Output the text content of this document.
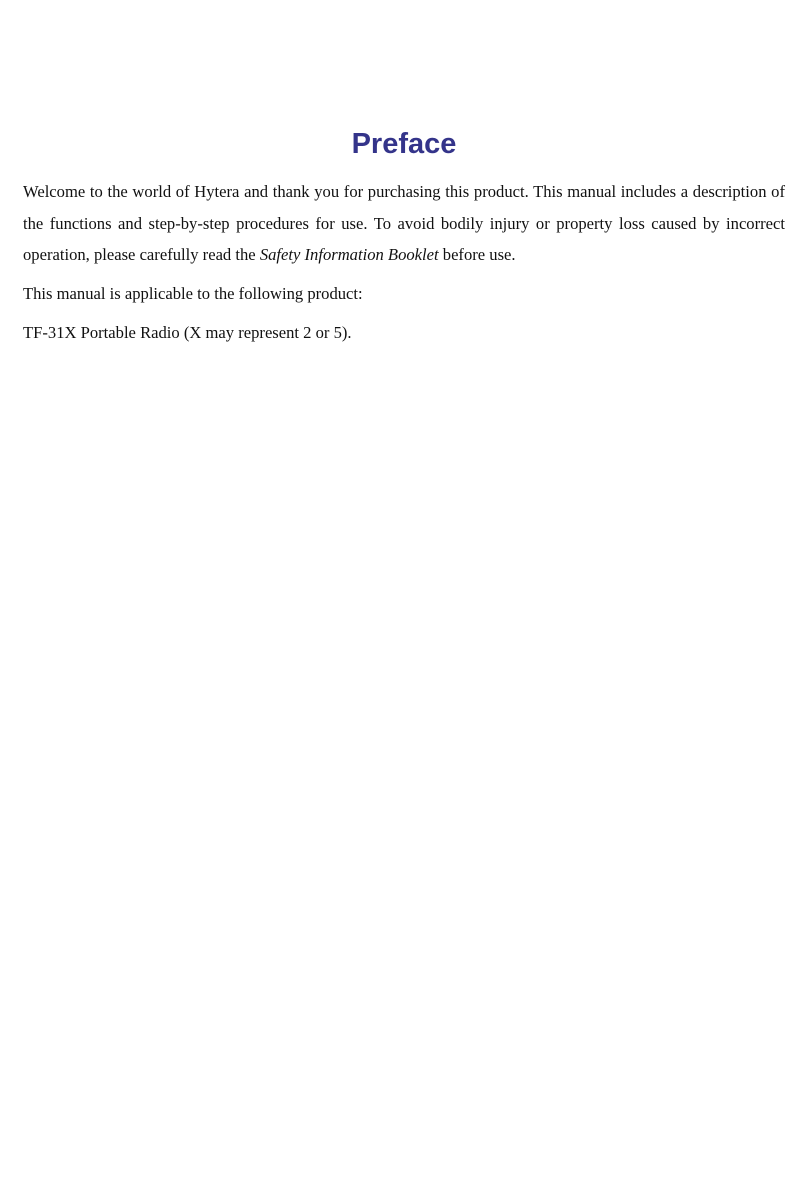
Preface

Welcome to the world of Hytera and thank you for purchasing this product. This manual includes a description of the functions and step-by-step procedures for use. To avoid bodily injury or property loss caused by incorrect operation, please carefully read the Safety Information Booklet before use.

This manual is applicable to the following product:

TF-31X Portable Radio (X may represent 2 or 5).
